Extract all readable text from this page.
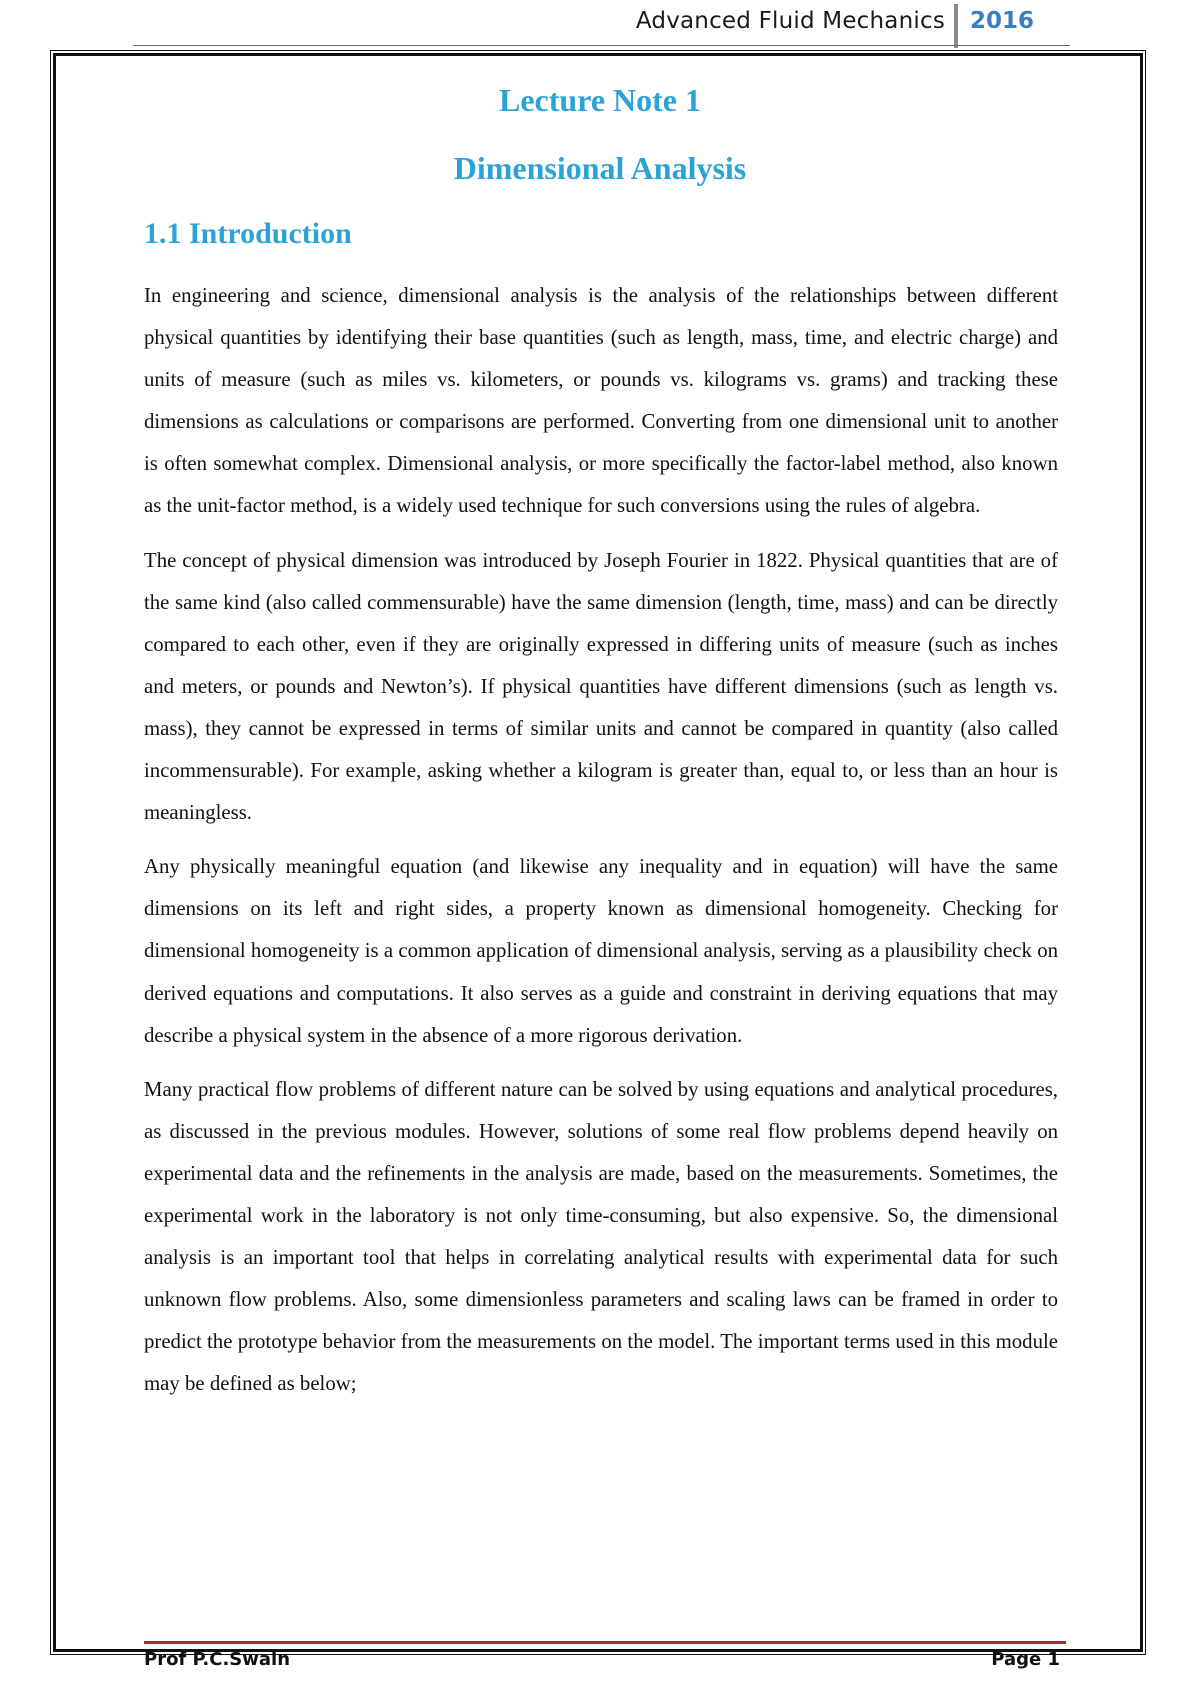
Advanced Fluid Mechanics 2016
Lecture Note 1
Dimensional Analysis
1.1 Introduction

In engineering and science, dimensional analysis is the analysis of the relationships between different physical quantities by identifying their base quantities (such as length, mass, time, and electric charge) and units of measure (such as miles vs. kilometers, or pounds vs. kilograms vs. grams) and tracking these dimensions as calculations or comparisons are performed. Converting from one dimensional unit to another is often somewhat complex. Dimensional analysis, or more specifically the factor-label method, also known as the unit-factor method, is a widely used technique for such conversions using the rules of algebra.

The concept of physical dimension was introduced by Joseph Fourier in 1822. Physical quantities that are of the same kind (also called commensurable) have the same dimension (length, time, mass) and can be directly compared to each other, even if they are originally expressed in differing units of measure (such as inches and meters, or pounds and Newton’s). If physical quantities have different dimensions (such as length vs. mass), they cannot be expressed in terms of similar units and cannot be compared in quantity (also called incommensurable). For example, asking whether a kilogram is greater than, equal to, or less than an hour is meaningless.

Any physically meaningful equation (and likewise any inequality and in equation) will have the same dimensions on its left and right sides, a property known as dimensional homogeneity. Checking for dimensional homogeneity is a common application of dimensional analysis, serving as a plausibility check on derived equations and computations. It also serves as a guide and constraint in deriving equations that may describe a physical system in the absence of a more rigorous derivation.

Many practical flow problems of different nature can be solved by using equations and analytical procedures, as discussed in the previous modules. However, solutions of some real flow problems depend heavily on experimental data and the refinements in the analysis are made, based on the measurements. Sometimes, the experimental work in the laboratory is not only time-consuming, but also expensive. So, the dimensional analysis is an important tool that helps in correlating analytical results with experimental data for such unknown flow problems. Also, some dimensionless parameters and scaling laws can be framed in order to predict the prototype behavior from the measurements on the model. The important terms used in this module may be defined as below;

Prof P.C.Swain	Page 1
